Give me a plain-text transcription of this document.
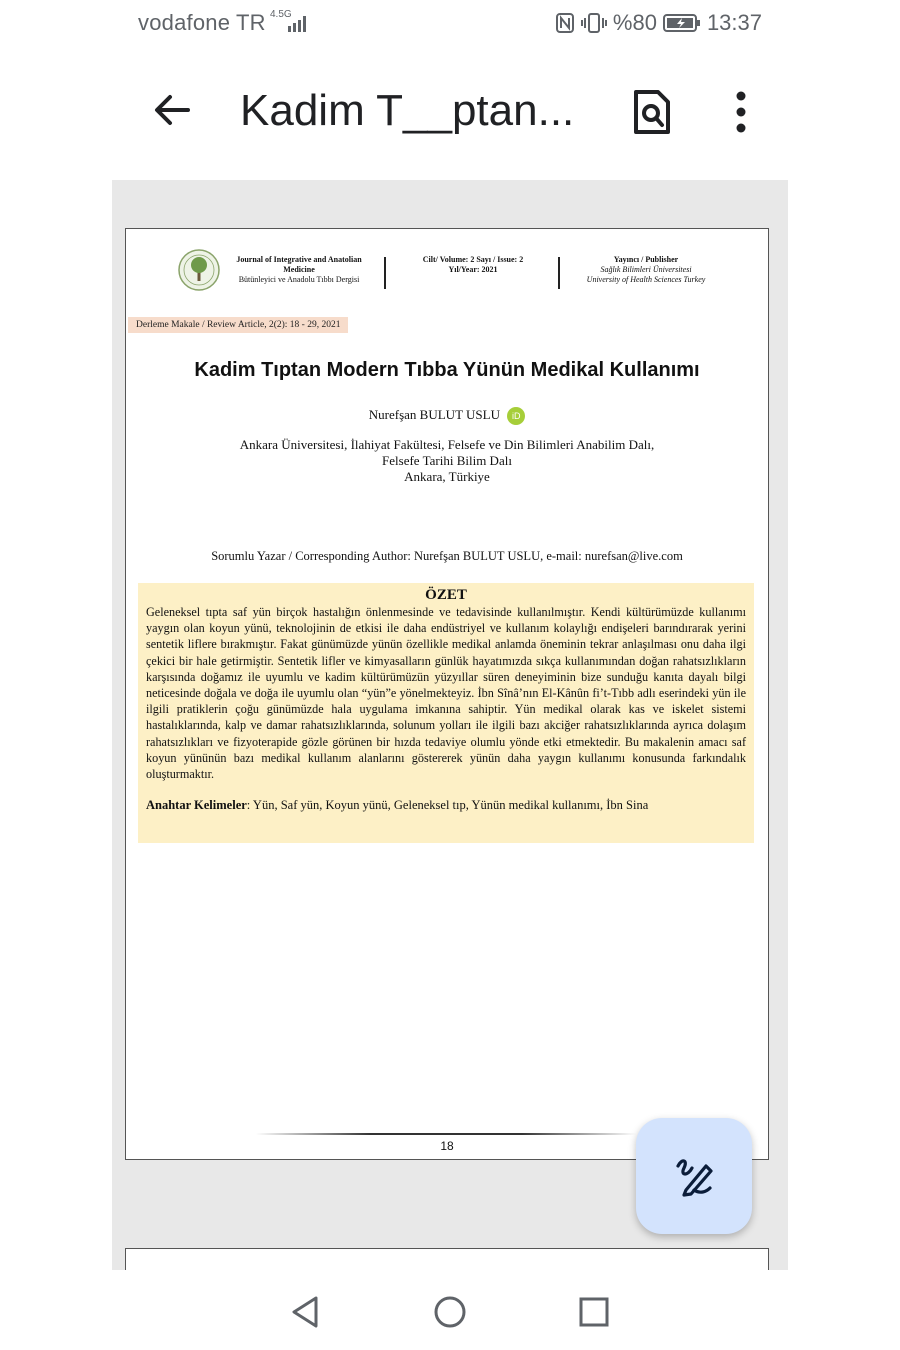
vodafone TR 4.5G	%80 13:37
Kadim T__ptan...
Journal of Integrative and Anatolian
Medicine
Bütünleyici ve Anadolu Tıbbı Dergisi
Cilt/ Volume: 2 Sayı / Issue: 2
Yıl/Year: 2021
Yayıncı / Publisher
Sağlık Bilimleri Üniversitesi
University of Health Sciences Turkey
Derleme Makale / Review Article, 2(2): 18 - 29, 2021
Kadim Tıptan Modern Tıbba Yünün Medikal Kullanımı
Nurefşan BULUT USLU iD
Ankara Üniversitesi, İlahiyat Fakültesi, Felsefe ve Din Bilimleri Anabilim Dalı,
Felsefe Tarihi Bilim Dalı
Ankara, Türkiye
Sorumlu Yazar / Corresponding Author: Nurefşan BULUT USLU, e-mail: nurefsan@live.com
ÖZET

Geleneksel tıpta saf yün birçok hastalığın önlenmesinde ve tedavisinde kullanılmıştır. Kendi kültürümüzde kullanımı yaygın olan koyun yünü, teknolojinin de etkisi ile daha endüstriyel ve kullanım kolaylığı endişeleri barındırarak yerini sentetik liflere bırakmıştır. Fakat günümüzde yünün özellikle medikal anlamda öneminin tekrar anlaşılması onu daha ilgi çekici bir hale getirmiştir. Sentetik lifler ve kimyasalların günlük hayatımızda sıkça kullanımından doğan rahatsızlıkların karşısında doğamız ile uyumlu ve kadim kültürümüzün yüzyıllar süren deneyiminin bize sunduğu kanıta dayalı bilgi neticesinde doğala ve doğa ile uyumlu olan “yün”e yönelmekteyiz. İbn Sînâ’nın El-Kânûn fi’t-Tıbb adlı eserindeki yün ile ilgili pratiklerin çoğu günümüzde hala uygulama imkanına sahiptir. Yün medikal olarak kas ve iskelet sistemi hastalıklarında, kalp ve damar rahatsızlıklarında, solunum yolları ile ilgili bazı akciğer rahatsızlıklarında ayrıca dolaşım rahatsızlıkları ve fizyoterapide gözle görünen bir hızda tedaviye olumlu yönde etki etmektedir. Bu makalenin amacı saf koyun yününün bazı medikal kullanım alanlarını göstererek yünün daha yaygın kullanımı konusunda farkındalık oluşturmaktır.

Anahtar Kelimeler: Yün, Saf yün, Koyun yünü, Geleneksel tıp, Yünün medikal kullanımı, İbn Sina
18
